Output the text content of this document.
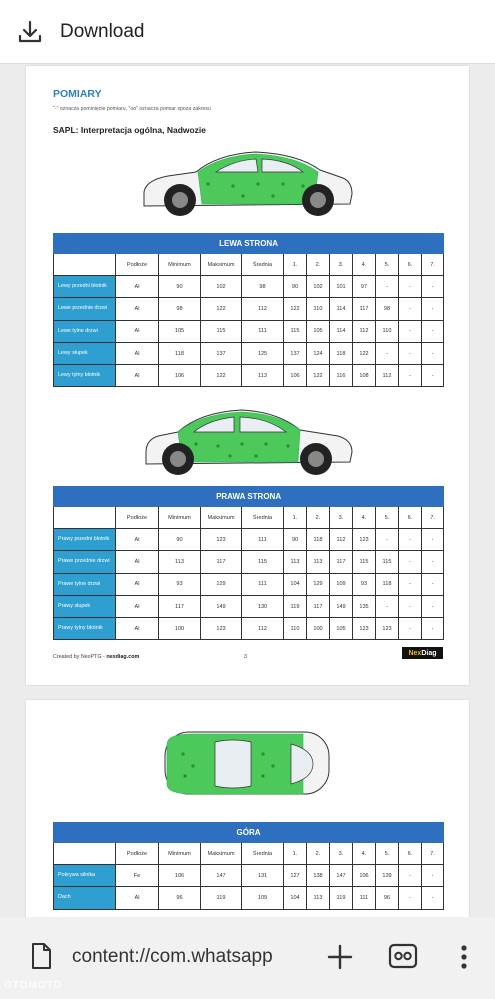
Download
POMIARY
"-" oznacza pominięcie pomiaru, "oo" oznacza pomiar spoza zakresu
SAPL: Interpretacja ogólna, Nadwozie
LEWA STRONA											
	Podłoże	Minimum	Maksimum	Średnia	1.	2.	3.	4.	5.	6.	7.
Lewy przedni błotnik	Al	90	102	98	90	102	101	97	-	-	-
Lewe przednie drzwi	Al	98	122	112	122	110	114	117	98	-	-
Lewe tylne drzwi	Al	105	115	111	115	105	114	112	110	-	-
Lewy słupek	Al	118	137	125	137	124	118	122	-	-	-
Lewy tylny błotnik	Al	106	122	113	106	122	116	108	112	-	-
PRAWA STRONA											
	Podłoże	Minimum	Maksimum	Średnia	1.	2.	3.	4.	5.	6.	7.
Prawy przedni błotnik	Al	90	123	111	90	118	112	123	-	-	-
Prawe przednie drzwi	Al	113	117	115	113	113	117	115	115	-	-
Prawe tylne drzwi	Al	93	129	111	104	129	109	93	118	-	-
Prawy słupek	Al	117	149	130	119	117	149	135	-	-	-
Prawy tylny błotnik	Al	100	123	112	110	100	105	123	123	-	-
Created by NexPTG - nexdiag.com	3
Nex Diag
GÓRA											
	Podłoże	Minimum	Maksimum	Średnia	1.	2.	3.	4.	5.	6.	7.
Pokrywa silnika	Fe	106	147	131	127	138	147	106	139	-	-
Dach	Al	96	119	109	104	113	119	111	96	-	-
content://com.whatsapp
OTOMOTO
